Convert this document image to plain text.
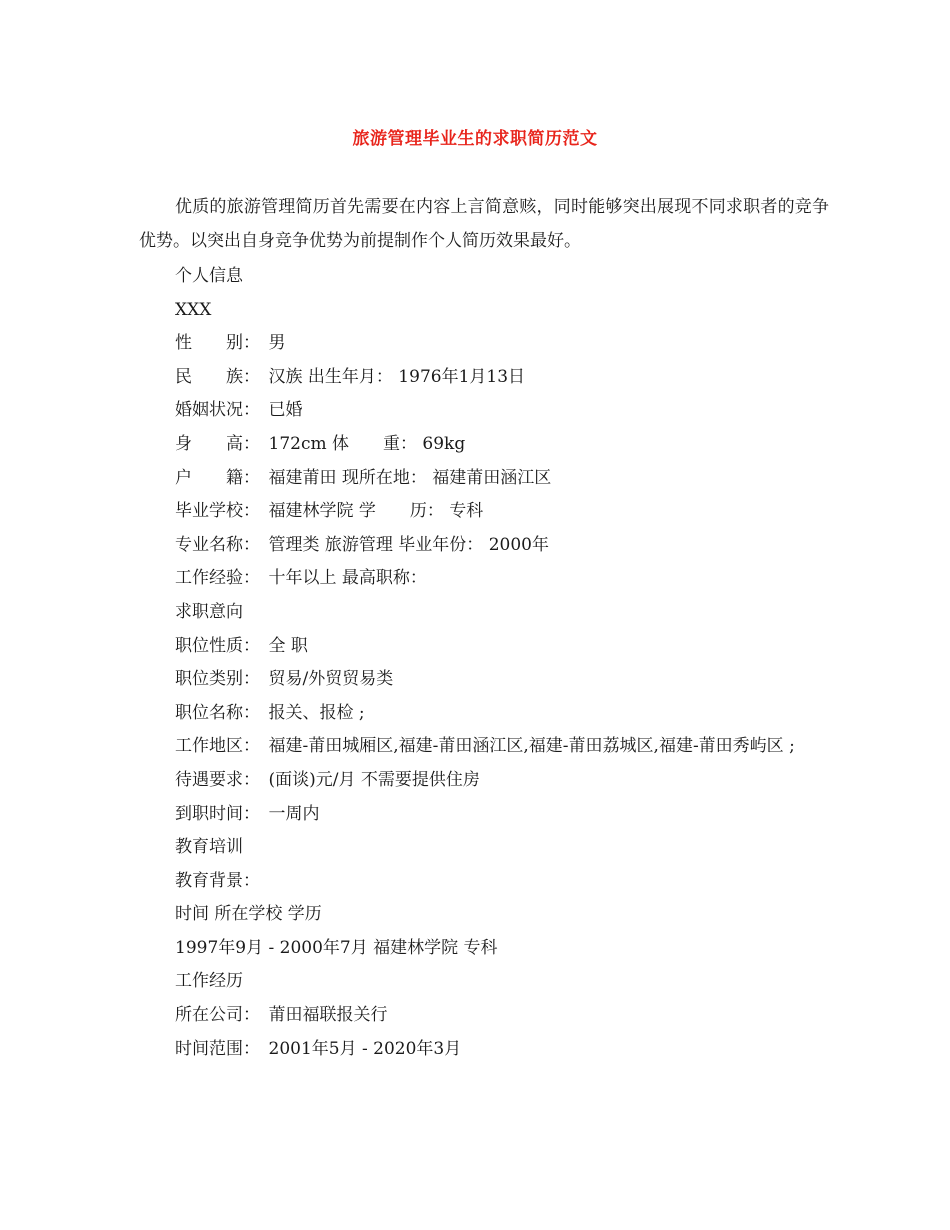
旅游管理毕业生的求职简历范文
优质的旅游管理简历首先需要在内容上言简意赅，同时能够突出展现不同求职者的竞争优势。以突出自身竞争优势为前提制作个人简历效果最好。
个人信息
XXX
性　　别：　男
民　　族：　汉族 出生年月： 1976年1月13日
婚姻状况：　已婚
身　　高：　172cm 体　　重： 69kg
户　　籍：　福建莆田 现所在地： 福建莆田涵江区
毕业学校：　福建林学院 学　　历： 专科
专业名称：　管理类 旅游管理 毕业年份： 2000年
工作经验：　十年以上 最高职称：
求职意向
职位性质：　全 职
职位类别：　贸易/外贸贸易类
职位名称：　报关、报检 ;
工作地区：　福建-莆田城厢区,福建-莆田涵江区,福建-莆田荔城区,福建-莆田秀屿区 ;
待遇要求：　(面谈)元/月 不需要提供住房
到职时间：　一周内
教育培训
教育背景：
时间 所在学校 学历
1997年9月 - 2000年7月 福建林学院 专科
工作经历
所在公司：　莆田福联报关行
时间范围：　2001年5月 - 2020年3月
